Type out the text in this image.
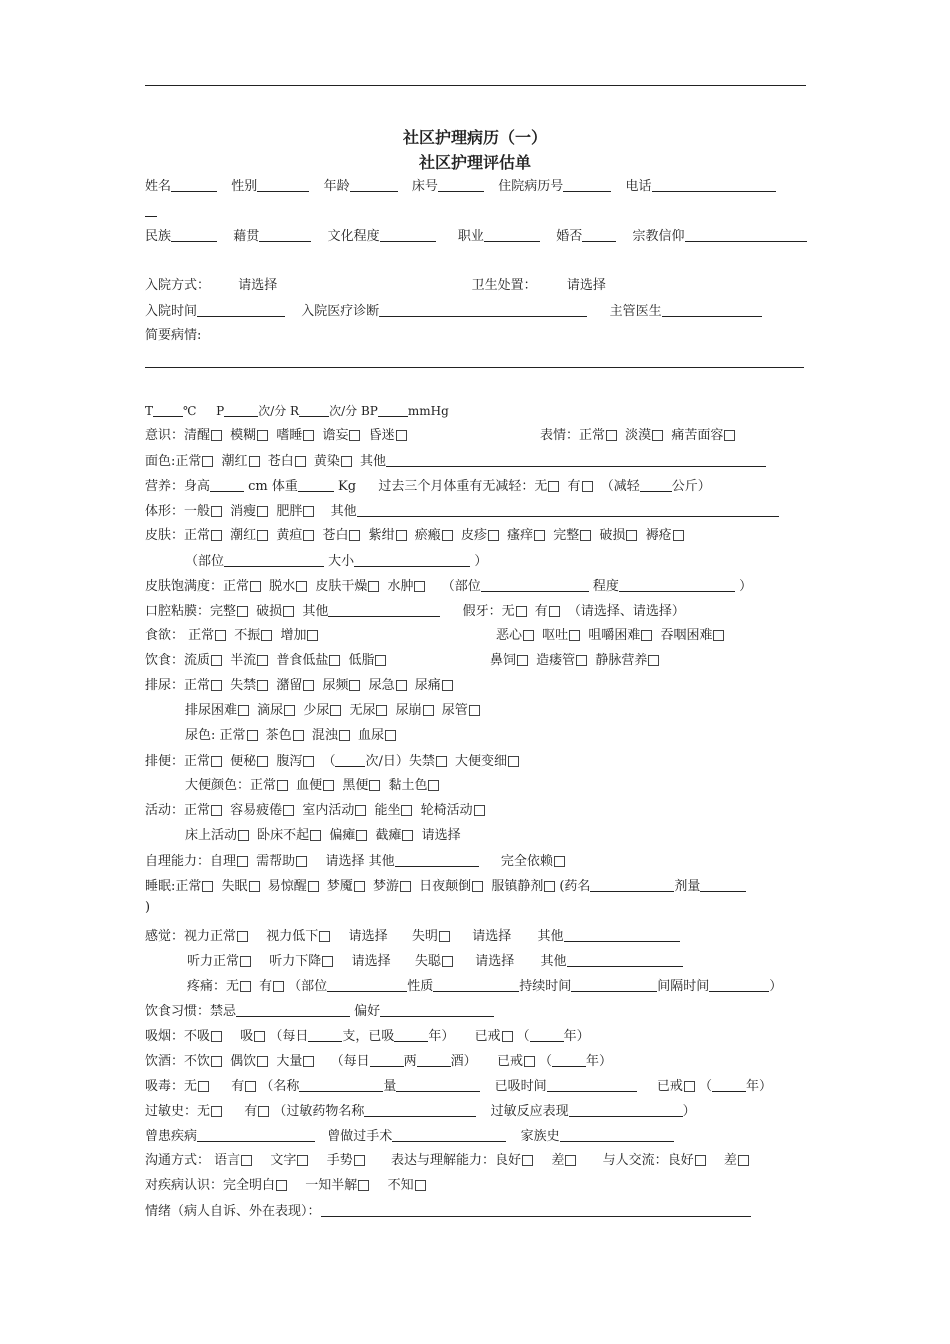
社区护理病历（一）
社区护理评估单
姓名	性别	年龄	床号	住院病历号	电话
民族	藉贯	文化程度	职业	婚否	宗教信仰
入院方式： 请选择	卫生处置： 请选择
入院时间	入院医疗诊断	主管医生
简要病情:
T	℃ P	次/分 R	次/分 BP	mmHg
意识：清醒 模糊 嗜睡 谵妄 昏迷	表情：正常 淡漠 痛苦面容
面色:正常 潮红 苍白 黄染 其他
营养：身高	cm 体重	Kg 过去三个月体重有无减轻：无 有 （减轻 公斤）
体形：一般 消瘦 肥胖 其他
皮肤：正常 潮红 黄疸 苍白 紫绀 瘀瘢 皮疹 瘙痒 完整 破损 褥疮
（部位	大小	）
皮肤饱满度：正常 脱水 皮肤干燥 水肿 （部位	程度	）
口腔粘膜：完整 破损 其他	假牙：无 有 （请选择、请选择）
食欲： 正常 不振 增加	恶心 呕吐 咀嚼困难 吞咽困难
饮食：流质 半流 普食低盐 低脂	鼻饲 造瘘管 静脉营养
排尿：正常 失禁 潴留 尿频 尿急 尿痛
排尿困难 滴尿 少尿 无尿 尿崩 尿管
尿色: 正常 茶色 混浊 血尿
排便：正常 便秘 腹泻 （ 次/日）失禁 大便变细
大便颜色：正常 血便 黑便 黏土色
活动：正常 容易疲倦 室内活动 能坐 轮椅活动
床上活动 卧床不起 偏瘫 截瘫 请选择
自理能力：自理 需帮助 请选择 其他	完全依赖
睡眠:正常 失眠 易惊醒 梦魇 梦游 日夜颠倒 服镇静剂 (药名	剂量
)
感觉：视力正常 视力低下 请选择 失明	请选择 其他
听力正常 听力下降 请选择 失聪	请选择 其他
疼痛：无 有 （部位	性质	持续时间	间隔时间	）
饮食习惯：禁忌	偏好
吸烟：不吸 吸 （每日	支，已吸	年） 已戒 （	年）
饮酒：不饮 偶饮 大量 （每日	两	酒） 已戒 （	年）
吸毒：无	有 （名称	量	已吸时间	已戒 （	年）
过敏史：无	有 （过敏药物名称	过敏反应表现	）
曾患疾病	曾做过手术	家族史
沟通方式： 语言 文字 手势	表达与理解能力：良好 差	与人交流：良好 差
对疾病认识：完全明白 一知半解 不知
情绪（病人自诉、外在表现）：
